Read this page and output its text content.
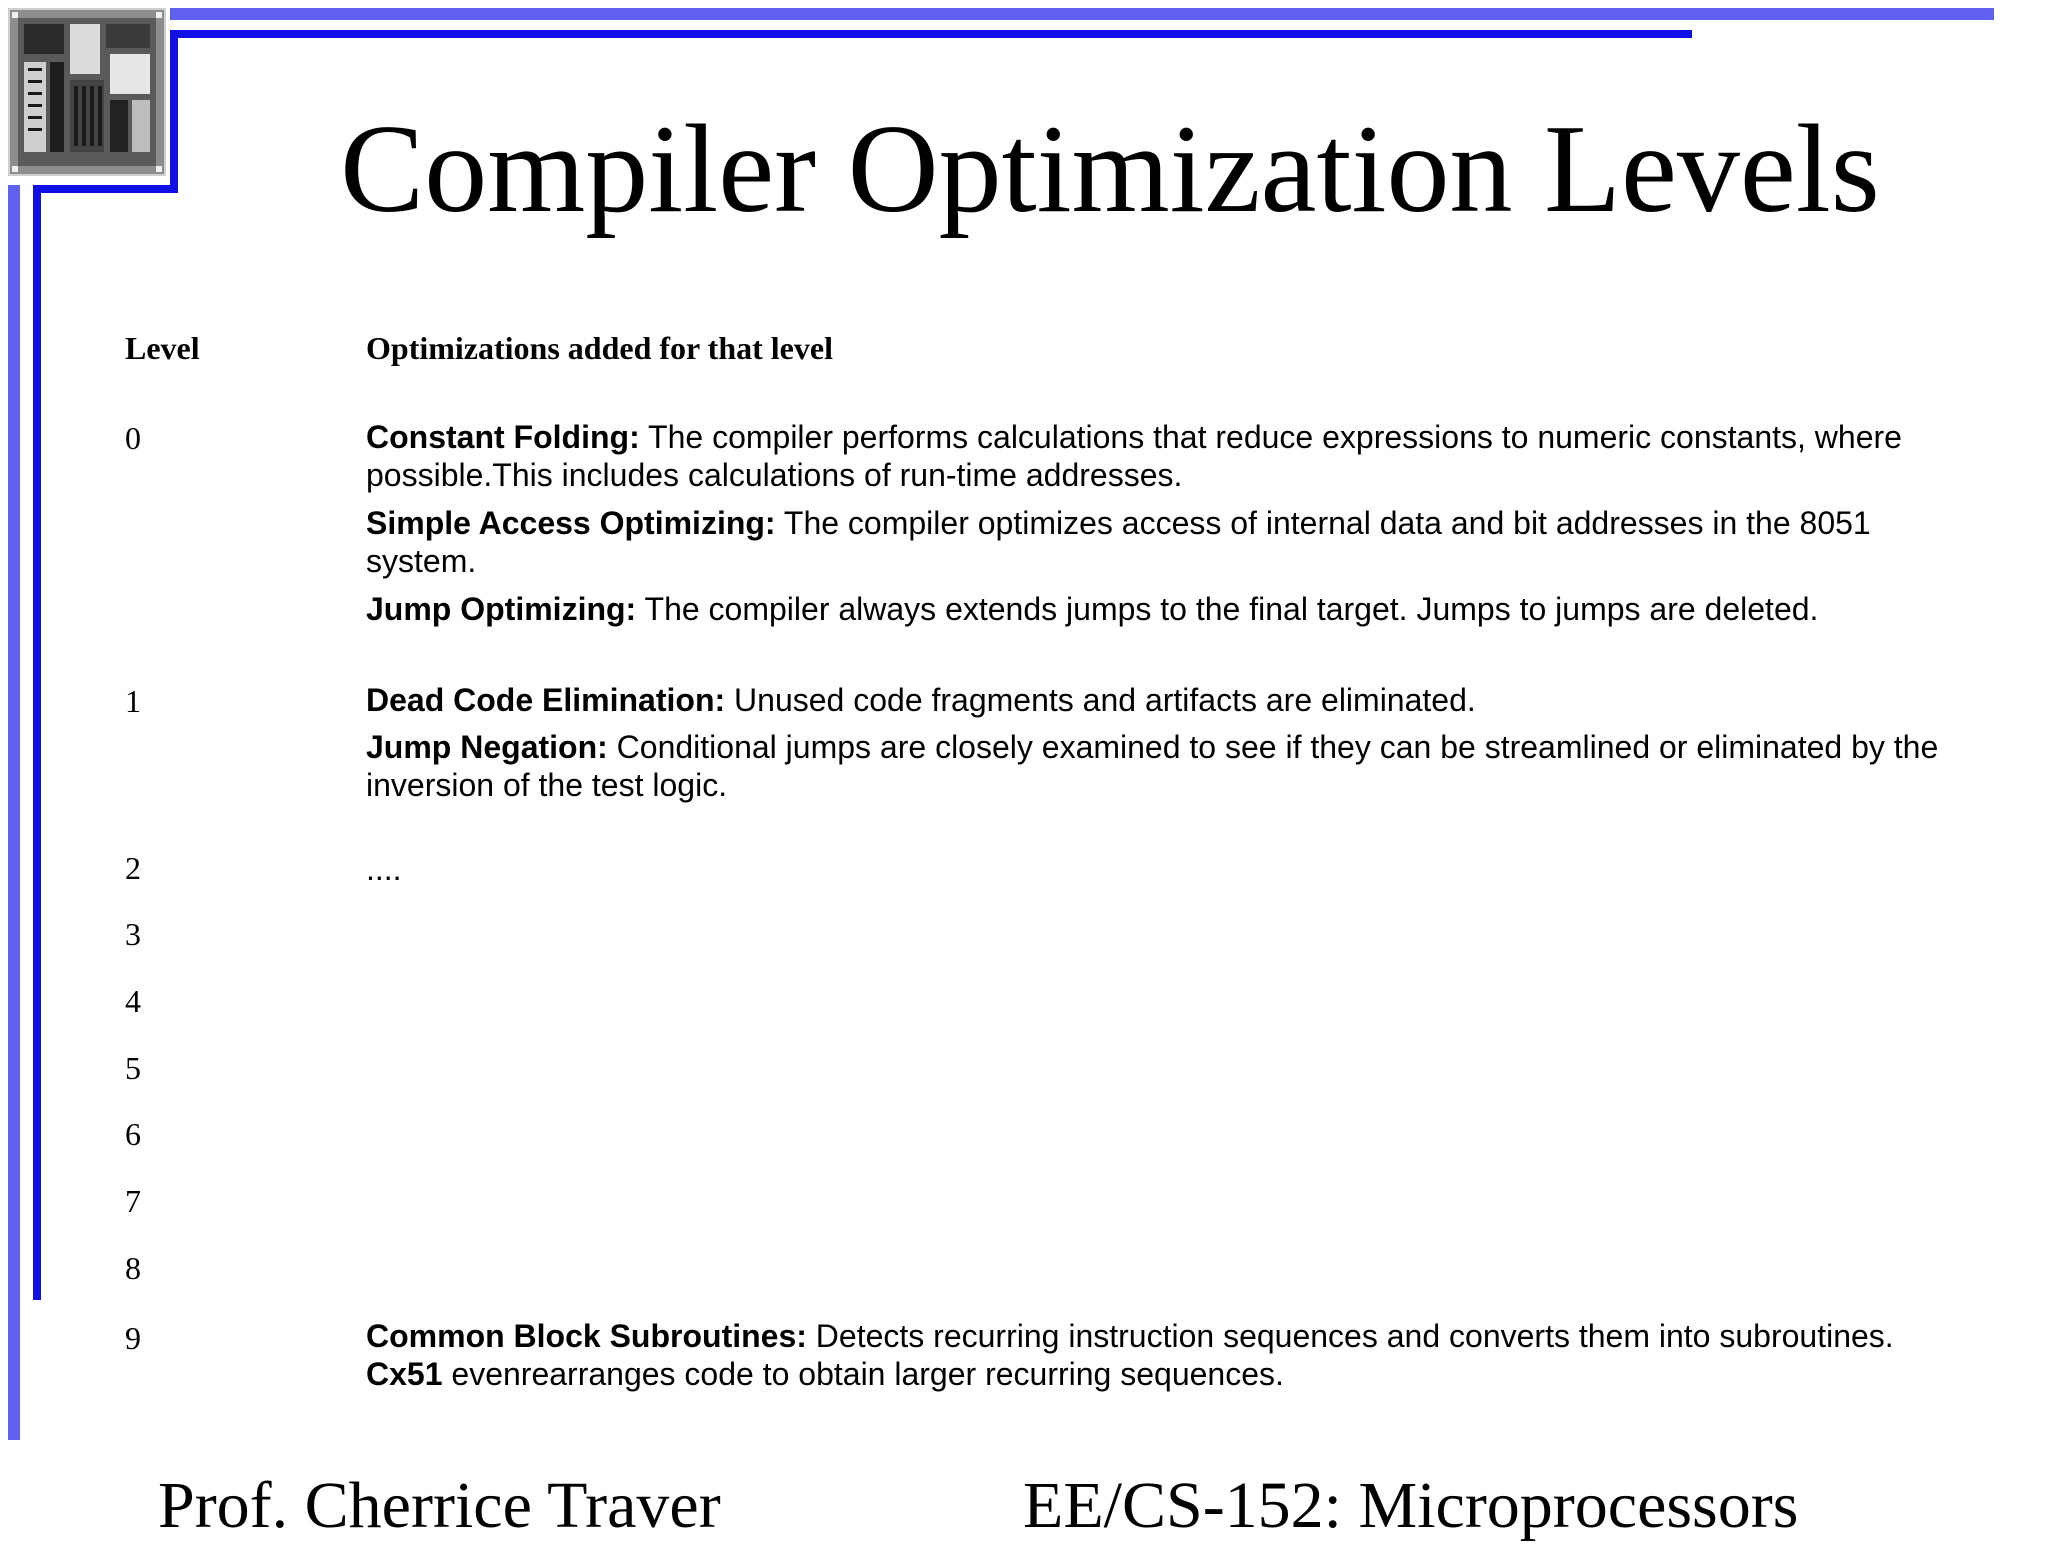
Compiler Optimization Levels
Level	Optimizations added for that level
0
1
2
3
4
5
6
7
8
9
Constant Folding: The compiler performs calculations that reduce expressions to numeric constants, where possible.This includes calculations of run-time addresses.
Simple Access Optimizing: The compiler optimizes access of internal data and bit addresses in the 8051 system.
Jump Optimizing: The compiler always extends jumps to the final target. Jumps to jumps are deleted.
Dead Code Elimination: Unused code fragments and artifacts are eliminated.
Jump Negation: Conditional jumps are closely examined to see if they can be streamlined or eliminated by the inversion of the test logic.
....
Common Block Subroutines: Detects recurring instruction sequences and converts them into subroutines. Cx51 evenrearranges code to obtain larger recurring sequences.
Prof. Cherrice Traver	EE/CS-152: Microprocessors
